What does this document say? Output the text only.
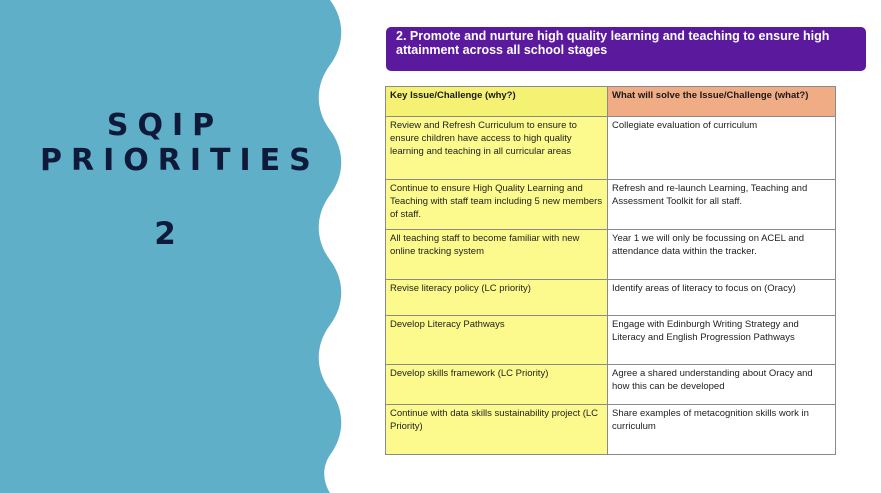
SQIP
PRIORITIES
2
2. Promote and nurture high quality learning and teaching to ensure high attainment across all school stages
Key Issue/Challenge (why?)	What will solve the Issue/Challenge (what?)
Review and Refresh Curriculum to ensure to ensure children have access to high quality learning and teaching in all curricular areas	Collegiate evaluation of curriculum
Continue to ensure High Quality Learning and Teaching with staff team including 5 new members of staff.	Refresh and re-launch Learning, Teaching and Assessment Toolkit for all staff.
All teaching staff to become familiar with new online tracking system	Year 1 we will only be focussing on ACEL and attendance data within the tracker.
Revise literacy policy (LC priority)	Identify areas of literacy to focus on (Oracy)
Develop Literacy Pathways	Engage with Edinburgh Writing Strategy and Literacy and English Progression Pathways
Develop skills framework (LC Priority)	Agree a shared understanding about Oracy and how this can be developed
Continue with data skills sustainability project (LC Priority)	Share examples of metacognition skills work in curriculum
